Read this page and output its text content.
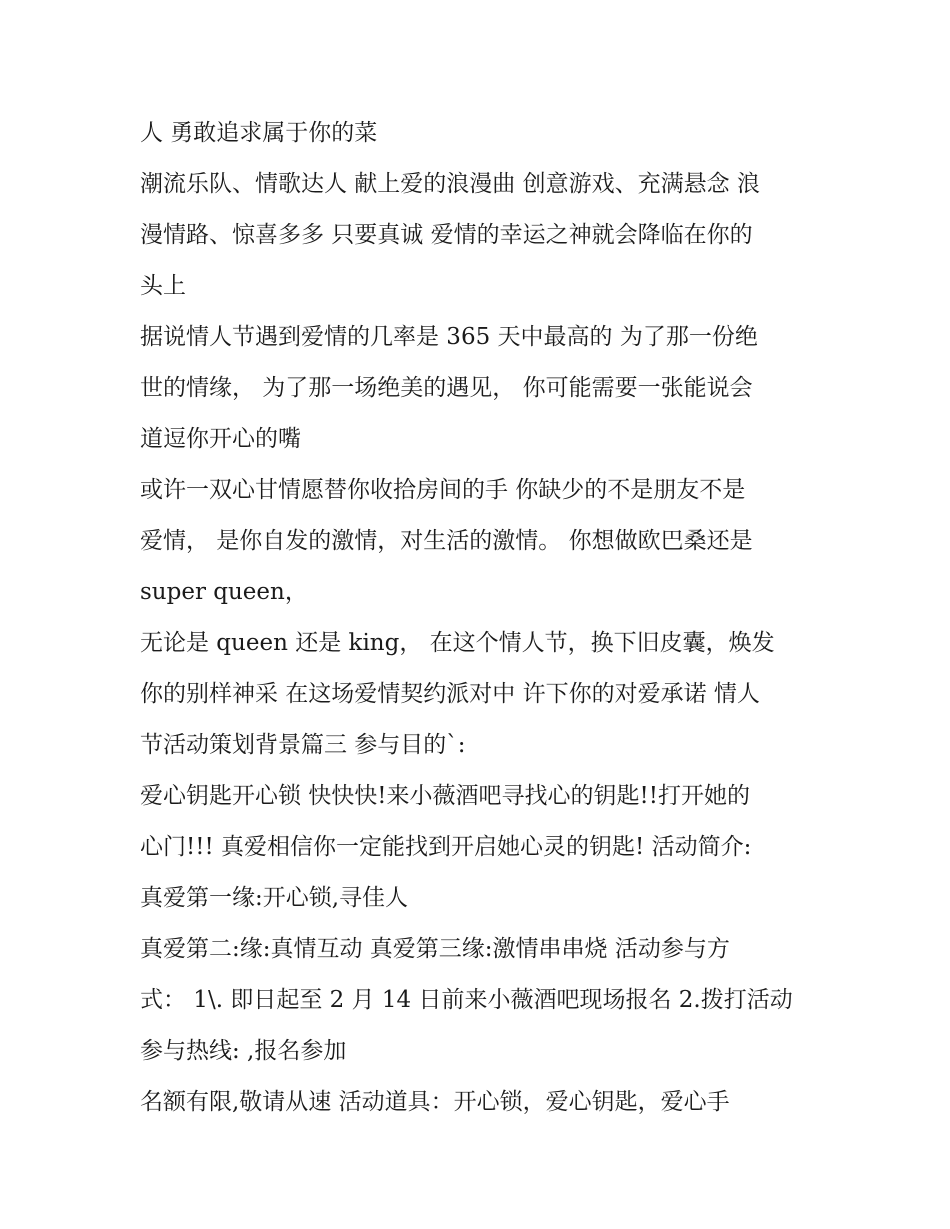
人 勇敢追求属于你的菜
潮流乐队、情歌达人 献上爱的浪漫曲 创意游戏、充满悬念 浪
漫情路、惊喜多多 只要真诚 爱情的幸运之神就会降临在你的
头上
据说情人节遇到爱情的几率是 365 天中最高的 为了那一份绝
世的情缘， 为了那一场绝美的遇见， 你可能需要一张能说会
道逗你开心的嘴
或许一双心甘情愿替你收拾房间的手 你缺少的不是朋友不是
爱情， 是你自发的激情，对生活的激情。 你想做欧巴桑还是
super queen，
无论是 queen 还是 king， 在这个情人节，换下旧皮囊，焕发
你的别样神采 在这场爱情契约派对中 许下你的对爱承诺 情人
节活动策划背景篇三 参与目的`:
爱心钥匙开心锁 快快快!来小薇酒吧寻找心的钥匙!!打开她的
心门!!! 真爱相信你一定能找到开启她心灵的钥匙! 活动简介:
真爱第一缘:开心锁,寻佳人
真爱第二:缘:真情互动 真爱第三缘:激情串串烧 活动参与方
式： 1\. 即日起至 2 月 14 日前来小薇酒吧现场报名 2.拨打活动
参与热线: ,报名参加
名额有限,敬请从速 活动道具：开心锁，爱心钥匙，爱心手
